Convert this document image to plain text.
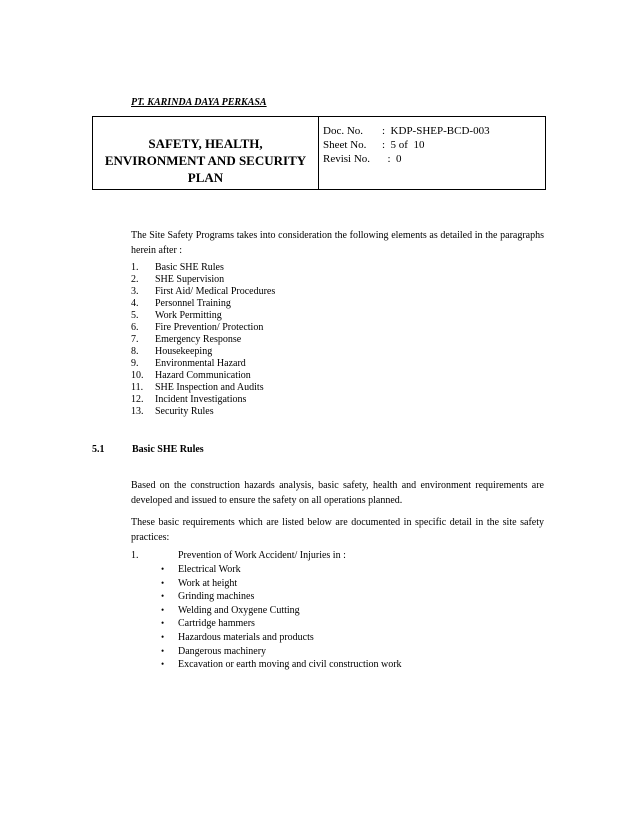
PT. KARINDA DAYA PERKASA
SAFETY, HEALTH,
ENVIRONMENT AND SECURITY
PLAN
Doc. No.	:  KDP-SHEP-BCD-003
Sheet No.	:  5 of  10
Revisi No.	:  0
The Site Safety Programs takes into consideration the following elements as detailed in the paragraphs herein after :
1.	Basic SHE Rules
2.	SHE Supervision
3.	First Aid/ Medical Procedures
4.	Personnel Training
5.	Work Permitting
6.	Fire Prevention/ Protection
7.	Emergency Response
8.	Housekeeping
9.	Environmental Hazard
10.	Hazard Communication
11.	SHE Inspection and Audits
12.	Incident Investigations
13.	Security Rules
5.1	Basic SHE Rules
Based on the construction hazards analysis, basic safety, health and environment requirements are developed and issued to ensure the safety on all operations planned.
These basic requirements which are listed below are documented in specific detail in the site safety practices:
1.	Prevention of Work Accident/ Injuries in :
•	Electrical Work
•	Work at height
•	Grinding machines
•	Welding and Oxygene Cutting
•	Cartridge hammers
•	Hazardous materials and products
•	Dangerous machinery
•	Excavation or earth moving and civil construction work
